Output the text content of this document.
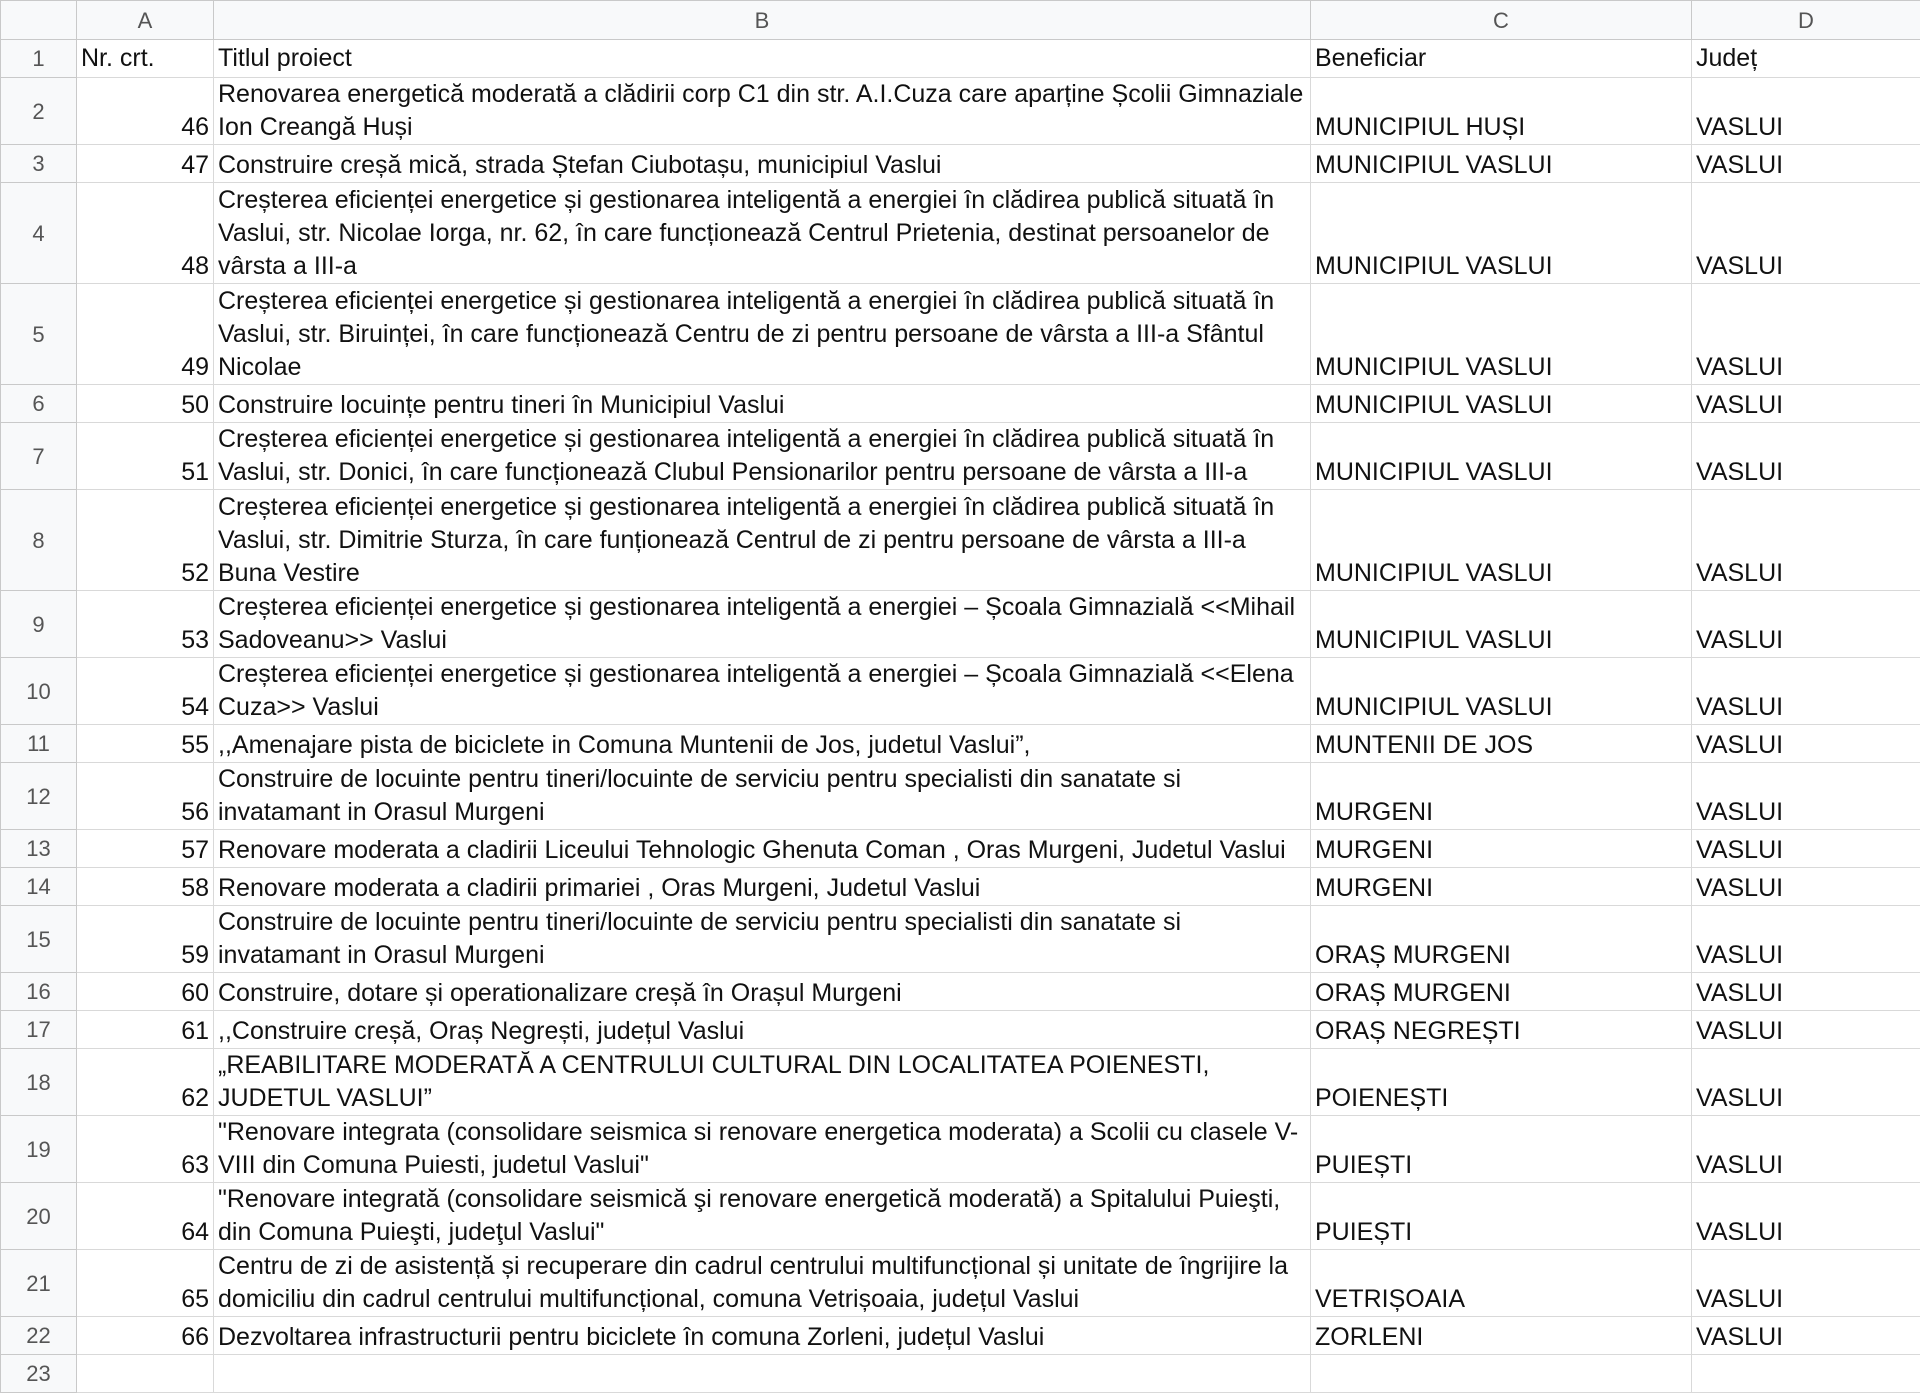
	A	B	C	D
1	Nr. crt.	Titlul proiect	Beneficiar	Județ
2	46	Renovarea energetică moderată a clădirii corp C1 din str. A.I.Cuza care aparține Școlii Gimnaziale Ion Creangă Huși	MUNICIPIUL HUȘI	VASLUI
3	47	Construire creșă mică, strada Ștefan Ciubotașu, municipiul Vaslui	MUNICIPIUL VASLUI	VASLUI
4	48	Creșterea eficienței energetice și gestionarea inteligentă a energiei în clădirea publică situată în Vaslui, str. Nicolae Iorga, nr. 62, în care funcționează Centrul Prietenia, destinat persoanelor de vârsta a III-a	MUNICIPIUL VASLUI	VASLUI
5	49	Creșterea eficienței energetice și gestionarea inteligentă a energiei în clădirea publică situată în Vaslui, str. Biruinței, în care funcționează Centru de zi pentru persoane de vârsta a III-a Sfântul Nicolae	MUNICIPIUL VASLUI	VASLUI
6	50	Construire locuințe pentru tineri în Municipiul Vaslui	MUNICIPIUL VASLUI	VASLUI
7	51	Creșterea eficienței energetice și gestionarea inteligentă a energiei în clădirea publică situată în Vaslui, str. Donici, în care funcționează Clubul Pensionarilor pentru persoane de vârsta a III-a	MUNICIPIUL VASLUI	VASLUI
8	52	Creșterea eficienței energetice și gestionarea inteligentă a energiei în clădirea publică situată în Vaslui, str. Dimitrie Sturza, în care funționează Centrul de zi pentru persoane de vârsta a III-a Buna Vestire	MUNICIPIUL VASLUI	VASLUI
9	53	Creșterea eficienței energetice și gestionarea inteligentă a energiei – Școala Gimnazială <<Mihail Sadoveanu>> Vaslui	MUNICIPIUL VASLUI	VASLUI
10	54	Creșterea eficienței energetice și gestionarea inteligentă a energiei – Școala Gimnazială <<Elena Cuza>> Vaslui	MUNICIPIUL VASLUI	VASLUI
11	55	,,Amenajare pista de biciclete in Comuna Muntenii de Jos, judetul Vaslui”,	MUNTENII DE JOS	VASLUI
12	56	Construire de locuinte pentru tineri/locuinte de serviciu pentru specialisti din sanatate si invatamant in Orasul Murgeni	MURGENI	VASLUI
13	57	Renovare moderata a cladirii Liceului Tehnologic Ghenuta Coman , Oras Murgeni, Judetul Vaslui	MURGENI	VASLUI
14	58	Renovare moderata a cladirii primariei , Oras Murgeni, Judetul Vaslui	MURGENI	VASLUI
15	59	Construire de locuinte pentru tineri/locuinte de serviciu pentru specialisti din sanatate si invatamant in Orasul Murgeni	ORAȘ MURGENI	VASLUI
16	60	Construire, dotare și operationalizare creșă în Orașul Murgeni	ORAȘ MURGENI	VASLUI
17	61	,,Construire creșă, Oraș Negrești, județul Vaslui	ORAȘ NEGREȘTI	VASLUI
18	62	„REABILITARE MODERATĂ A CENTRULUI CULTURAL DIN LOCALITATEA POIENESTI, JUDETUL VASLUI”	POIENEȘTI	VASLUI
19	63	"Renovare integrata (consolidare seismica si renovare energetica moderata) a Scolii cu clasele V-VIII din Comuna Puiesti, judetul Vaslui"	PUIEȘTI	VASLUI
20	64	"Renovare integrată (consolidare seismică şi renovare energetică moderată) a Spitalului Puieşti, din Comuna Puieşti, judeţul Vaslui"	PUIEȘTI	VASLUI
21	65	Centru de zi de asistență și recuperare din cadrul centrului multifuncțional și unitate de îngrijire la domiciliu din cadrul centrului multifuncțional, comuna Vetrișoaia, județul Vaslui	VETRIȘOAIA	VASLUI
22	66	Dezvoltarea infrastructurii pentru biciclete în comuna Zorleni, județul Vaslui	ZORLENI	VASLUI
23				
